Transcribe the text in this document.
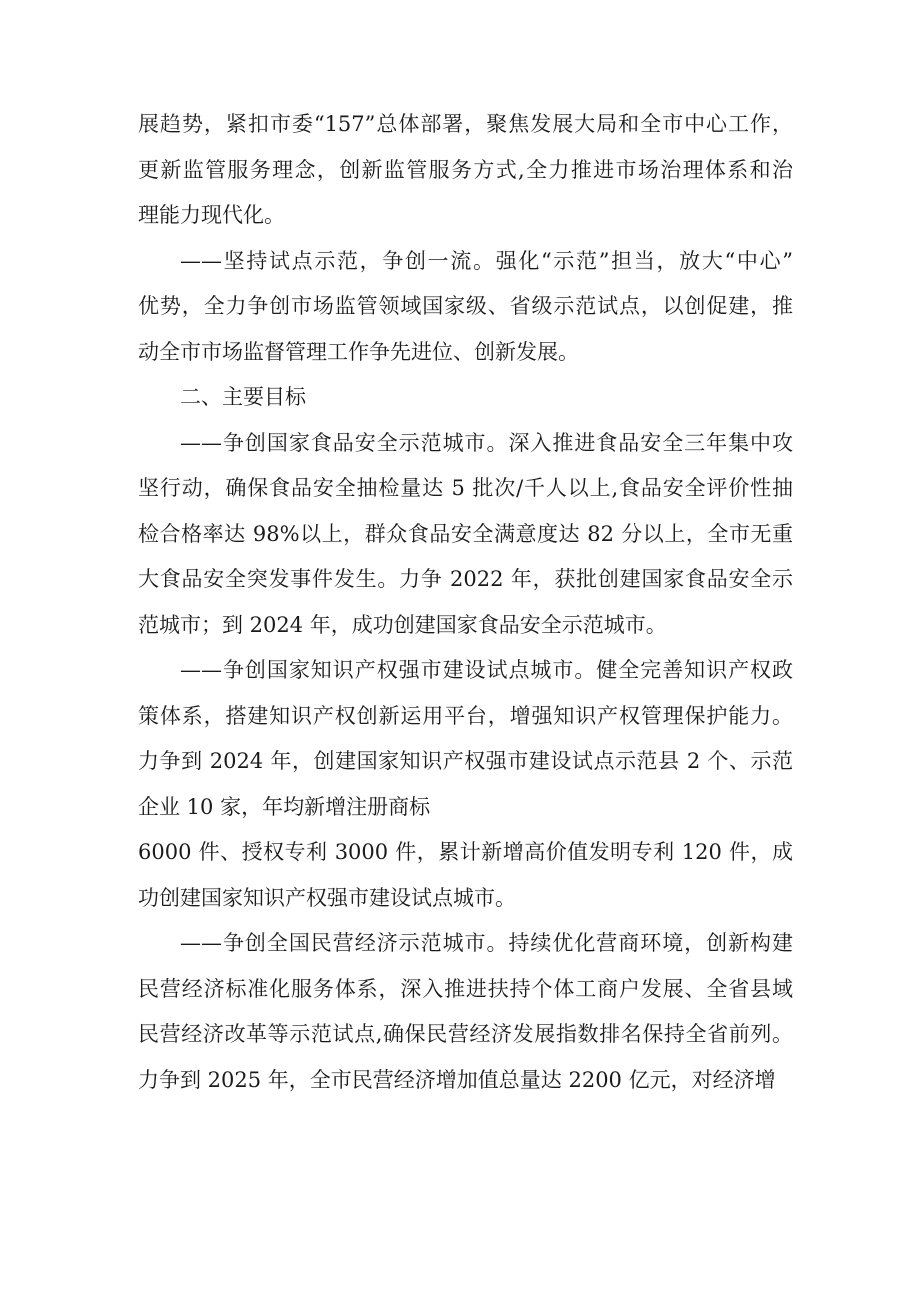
展趋势，紧扣市委“157”总体部署，聚焦发展大局和全市中心工作，
更新监管服务理念，创新监管服务方式,全力推进市场治理体系和治
理能力现代化。

——坚持试点示范，争创一流。强化“示范”担当，放大“中心”
优势，全力争创市场监管领域国家级、省级示范试点，以创促建，推
动全市市场监督管理工作争先进位、创新发展。

二、主要目标

——争创国家食品安全示范城市。深入推进食品安全三年集中攻
坚行动，确保食品安全抽检量达 5 批次/千人以上,食品安全评价性抽
检合格率达 98%以上，群众食品安全满意度达 82 分以上，全市无重
大食品安全突发事件发生。力争 2022 年，获批创建国家食品安全示
范城市；到 2024 年，成功创建国家食品安全示范城市。

——争创国家知识产权强市建设试点城市。健全完善知识产权政
策体系，搭建知识产权创新运用平台，增强知识产权管理保护能力。
力争到 2024 年，创建国家知识产权强市建设试点示范县 2 个、示范
企业 10 家，年均新增注册商标

6000 件、授权专利 3000 件，累计新增高价值发明专利 120 件，成
功创建国家知识产权强市建设试点城市。

——争创全国民营经济示范城市。持续优化营商环境，创新构建
民营经济标准化服务体系，深入推进扶持个体工商户发展、全省县域
民营经济改革等示范试点,确保民营经济发展指数排名保持全省前列。
力争到 2025 年，全市民营经济增加值总量达 2200 亿元，对经济增
